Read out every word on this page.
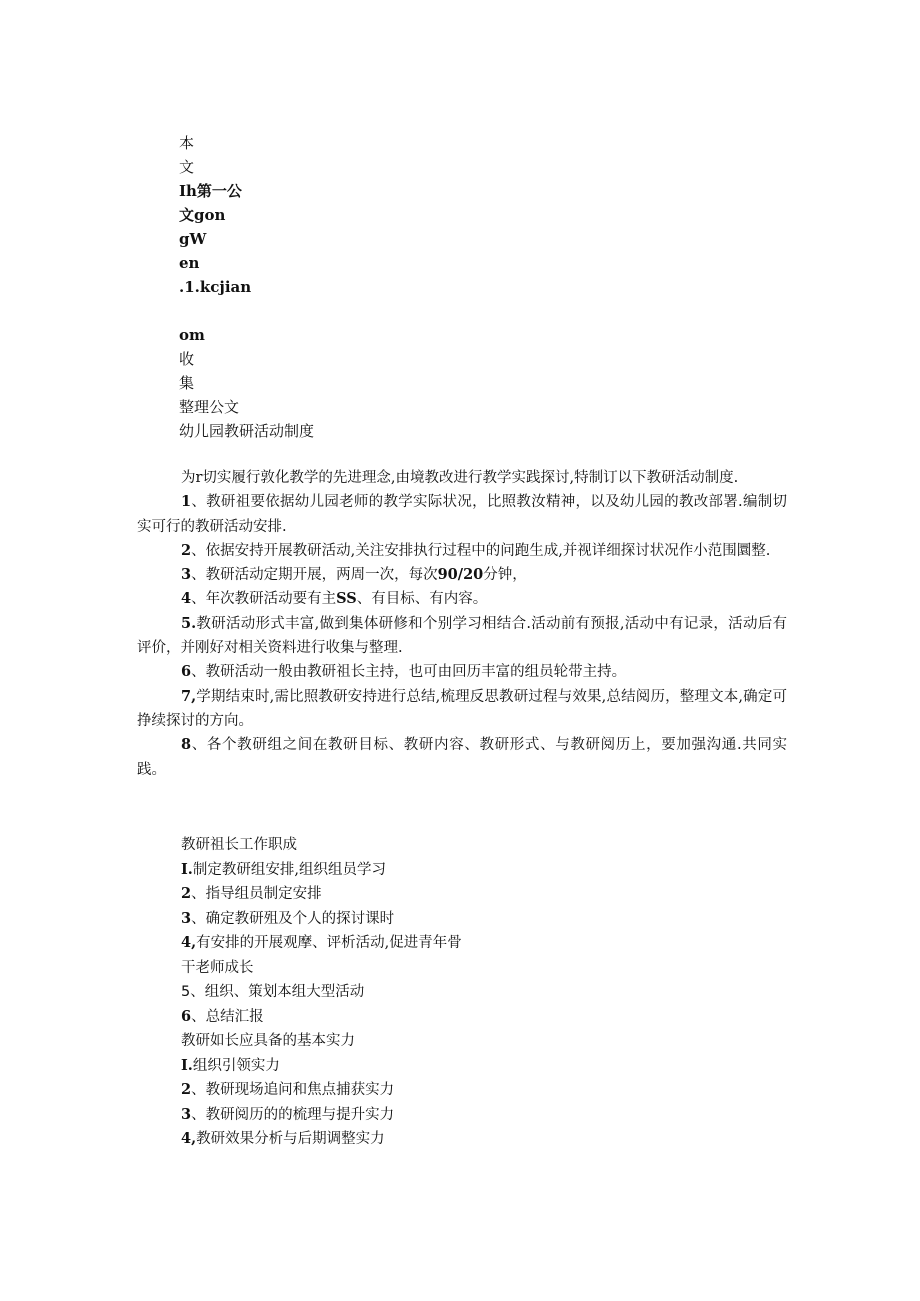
本
文
Ih第一公
文gon
gW
en
.1.kcjian
om
收
集
整理公文
幼儿园教研活动制度

为r切实履行敦化教学的先进理念,由境教改进行教学实践探讨,特制订以下教研活动制度.

1、教研祖要依据幼儿园老师的教学实际状况，比照教汝精神，以及幼儿园的教改部署.编制切实可行的教研活动安排.

2、依据安持开展教研活动,关注安排执行过程中的问跑生成,并视详细探讨状况作小范围圜整.

3、教研活动定期开展，两周一次，每次90/20分钟，

4、年次教研活动要有主SS、有目标、有内容。

5.教研活动形式丰富,做到集体研修和个别学习相结合.活动前有预报,活动中有记录，活动后有评价，并刚好对相关资料进行收集与整理.

6、教研活动一般由教研祖长主持，也可由回历丰富的组员轮带主持。

7,学期结束时,需比照教研安持进行总结,梳理反思教研过程与效果,总结阅历，整理文本,确定可挣续探讨的方向。

8、各个教研组之间在教研目标、教研内容、教研形式、与教研阅历上，要加强沟通.共同实践。

教研祖长工作职成
I.制定教研组安排,组织组员学习
2、指导组员制定安排
3、确定教研殂及个人的探讨课时
4,有安排的开展观摩、评析活动,促进青年骨
干老师成长
5、组织、策划本组大型活动
6、总结汇报
教研如长应具备的基本实力
I.组织引领实力
2、教研现场追问和焦点捕获实力
3、教研阅历的的梳理与提升实力
4,教研效果分析与后期调整实力
